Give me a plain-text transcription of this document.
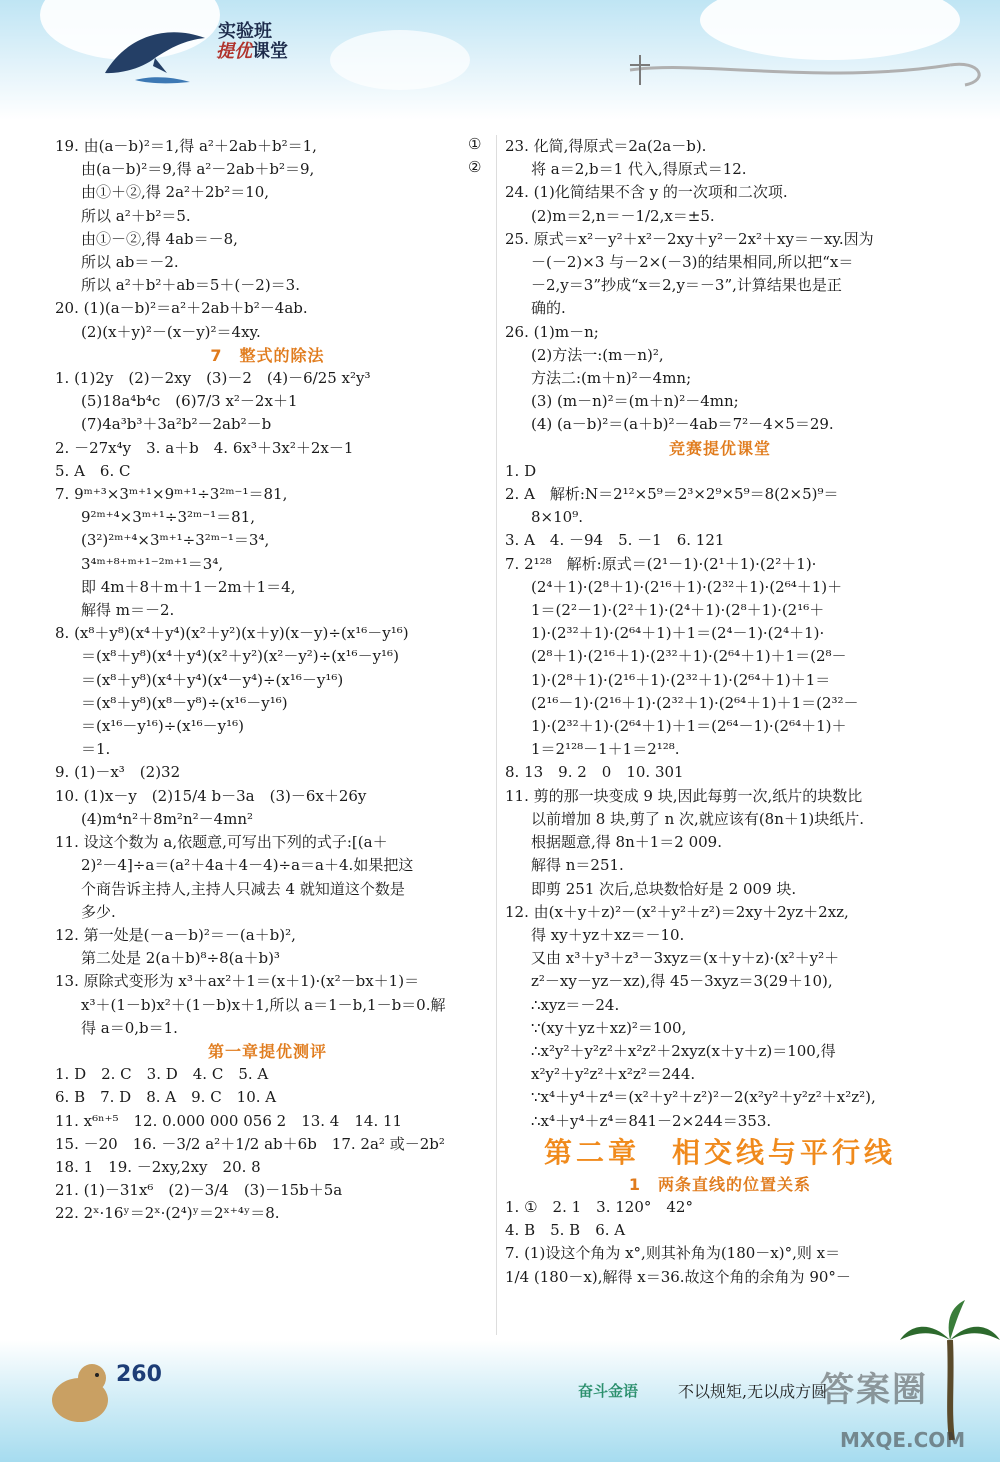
实验班
提优课堂
①
②
19. 由(a－b)²＝1,得 a²＋2ab＋b²＝1,
由(a－b)²＝9,得 a²－2ab＋b²＝9,
由①＋②,得 2a²＋2b²＝10,
所以 a²＋b²＝5.
由①－②,得 4ab＝－8,
所以 ab＝－2.
所以 a²＋b²＋ab＝5＋(－2)＝3.
20. (1)(a－b)²＝a²＋2ab＋b²－4ab.
(2)(x＋y)²－(x－y)²＝4xy.
7　整式的除法
1. (1)2y　(2)－2xy　(3)－2　(4)－6/25 x²y³
(5)18a⁴b⁴c　(6)7/3 x²－2x＋1
(7)4a³b³＋3a²b²－2ab²－b
2. －27x⁴y　3. a＋b　4. 6x³＋3x²＋2x－1
5. A　6. C
7. 9ᵐ⁺³×3ᵐ⁺¹×9ᵐ⁺¹÷3²ᵐ⁻¹＝81,
9²ᵐ⁺⁴×3ᵐ⁺¹÷3²ᵐ⁻¹＝81,
(3²)²ᵐ⁺⁴×3ᵐ⁺¹÷3²ᵐ⁻¹＝3⁴,
3⁴ᵐ⁺⁸⁺ᵐ⁺¹⁻²ᵐ⁺¹＝3⁴,
即 4m＋8＋m＋1－2m＋1＝4,
解得 m＝－2.
8. (x⁸＋y⁸)(x⁴＋y⁴)(x²＋y²)(x＋y)(x－y)÷(x¹⁶－y¹⁶)
＝(x⁸＋y⁸)(x⁴＋y⁴)(x²＋y²)(x²－y²)÷(x¹⁶－y¹⁶)
＝(x⁸＋y⁸)(x⁴＋y⁴)(x⁴－y⁴)÷(x¹⁶－y¹⁶)
＝(x⁸＋y⁸)(x⁸－y⁸)÷(x¹⁶－y¹⁶)
＝(x¹⁶－y¹⁶)÷(x¹⁶－y¹⁶)
＝1.
9. (1)－x³　(2)32
10. (1)x－y　(2)15/4 b－3a　(3)－6x＋26y
(4)m⁴n²＋8m²n²－4mn²
11. 设这个数为 a,依题意,可写出下列的式子:[(a＋
2)²－4]÷a＝(a²＋4a＋4－4)÷a＝a＋4.如果把这
个商告诉主持人,主持人只减去 4 就知道这个数是
多少.
12. 第一处是(－a－b)²＝－(a＋b)²,
第二处是 2(a＋b)⁸÷8(a＋b)³
13. 原除式变形为 x³＋ax²＋1＝(x＋1)·(x²－bx＋1)＝
x³＋(1－b)x²＋(1－b)x＋1,所以 a＝1－b,1－b＝0.解
得 a＝0,b＝1.
第一章提优测评
1. D　2. C　3. D　4. C　5. A
6. B　7. D　8. A　9. C　10. A
11. x⁶ⁿ⁺⁵　12. 0.000 000 056 2　13. 4　14. 11
15. －20　16. －3/2 a²＋1/2 ab＋6b　17. 2a² 或－2b²
18. 1　19. －2xy,2xy　20. 8
21. (1)－31x⁶　(2)－3/4　(3)－15b＋5a
22. 2ˣ·16ʸ＝2ˣ·(2⁴)ʸ＝2ˣ⁺⁴ʸ＝8.
23. 化简,得原式＝2a(2a－b).
将 a＝2,b＝1 代入,得原式＝12.
24. (1)化简结果不含 y 的一次项和二次项.
(2)m＝2,n＝－1/2,x＝±5.
25. 原式＝x²－y²＋x²－2xy＋y²－2x²＋xy＝－xy.因为
－(－2)×3 与－2×(－3)的结果相同,所以把“x＝
－2,y＝3”抄成“x＝2,y＝－3”,计算结果也是正
确的.
26. (1)m－n;
(2)方法一:(m－n)²,
方法二:(m＋n)²－4mn;
(3) (m－n)²＝(m＋n)²－4mn;
(4) (a－b)²＝(a＋b)²－4ab＝7²－4×5＝29.
竞赛提优课堂
1. D
2. A　解析:N＝2¹²×5⁹＝2³×2⁹×5⁹＝8(2×5)⁹＝
8×10⁹.
3. A　4. －94　5. －1　6. 121
7. 2¹²⁸　解析:原式＝(2¹－1)·(2¹＋1)·(2²＋1)·
(2⁴＋1)·(2⁸＋1)·(2¹⁶＋1)·(2³²＋1)·(2⁶⁴＋1)＋
1＝(2²－1)·(2²＋1)·(2⁴＋1)·(2⁸＋1)·(2¹⁶＋
1)·(2³²＋1)·(2⁶⁴＋1)＋1＝(2⁴－1)·(2⁴＋1)·
(2⁸＋1)·(2¹⁶＋1)·(2³²＋1)·(2⁶⁴＋1)＋1＝(2⁸－
1)·(2⁸＋1)·(2¹⁶＋1)·(2³²＋1)·(2⁶⁴＋1)＋1＝
(2¹⁶－1)·(2¹⁶＋1)·(2³²＋1)·(2⁶⁴＋1)＋1＝(2³²－
1)·(2³²＋1)·(2⁶⁴＋1)＋1＝(2⁶⁴－1)·(2⁶⁴＋1)＋
1＝2¹²⁸－1＋1＝2¹²⁸.
8. 13　9. 2　0　10. 301
11. 剪的那一块变成 9 块,因此每剪一次,纸片的块数比
以前增加 8 块,剪了 n 次,就应该有(8n＋1)块纸片.
根据题意,得 8n＋1＝2 009.
解得 n＝251.
即剪 251 次后,总块数恰好是 2 009 块.
12. 由(x＋y＋z)²－(x²＋y²＋z²)＝2xy＋2yz＋2xz,
得 xy＋yz＋xz＝－10.
又由 x³＋y³＋z³－3xyz＝(x＋y＋z)·(x²＋y²＋
z²－xy－yz－xz),得 45－3xyz＝3(29＋10),
∴xyz＝－24.
∵(xy＋yz＋xz)²＝100,
∴x²y²＋y²z²＋x²z²＋2xyz(x＋y＋z)＝100,得
x²y²＋y²z²＋x²z²＝244.
∵x⁴＋y⁴＋z⁴＝(x²＋y²＋z²)²－2(x²y²＋y²z²＋x²z²),
∴x⁴＋y⁴＋z⁴＝841－2×244＝353.
第二章　相交线与平行线
1　两条直线的位置关系
1. ①　2. 1　3. 120°　42°
4. B　5. B　6. A
7. (1)设这个角为 x°,则其补角为(180－x)°,则 x＝
1/4 (180－x),解得 x＝36.故这个角的余角为 90°－
260
奋斗金语 不以规矩,无以成方圆
答案圈
MXQE.COM
